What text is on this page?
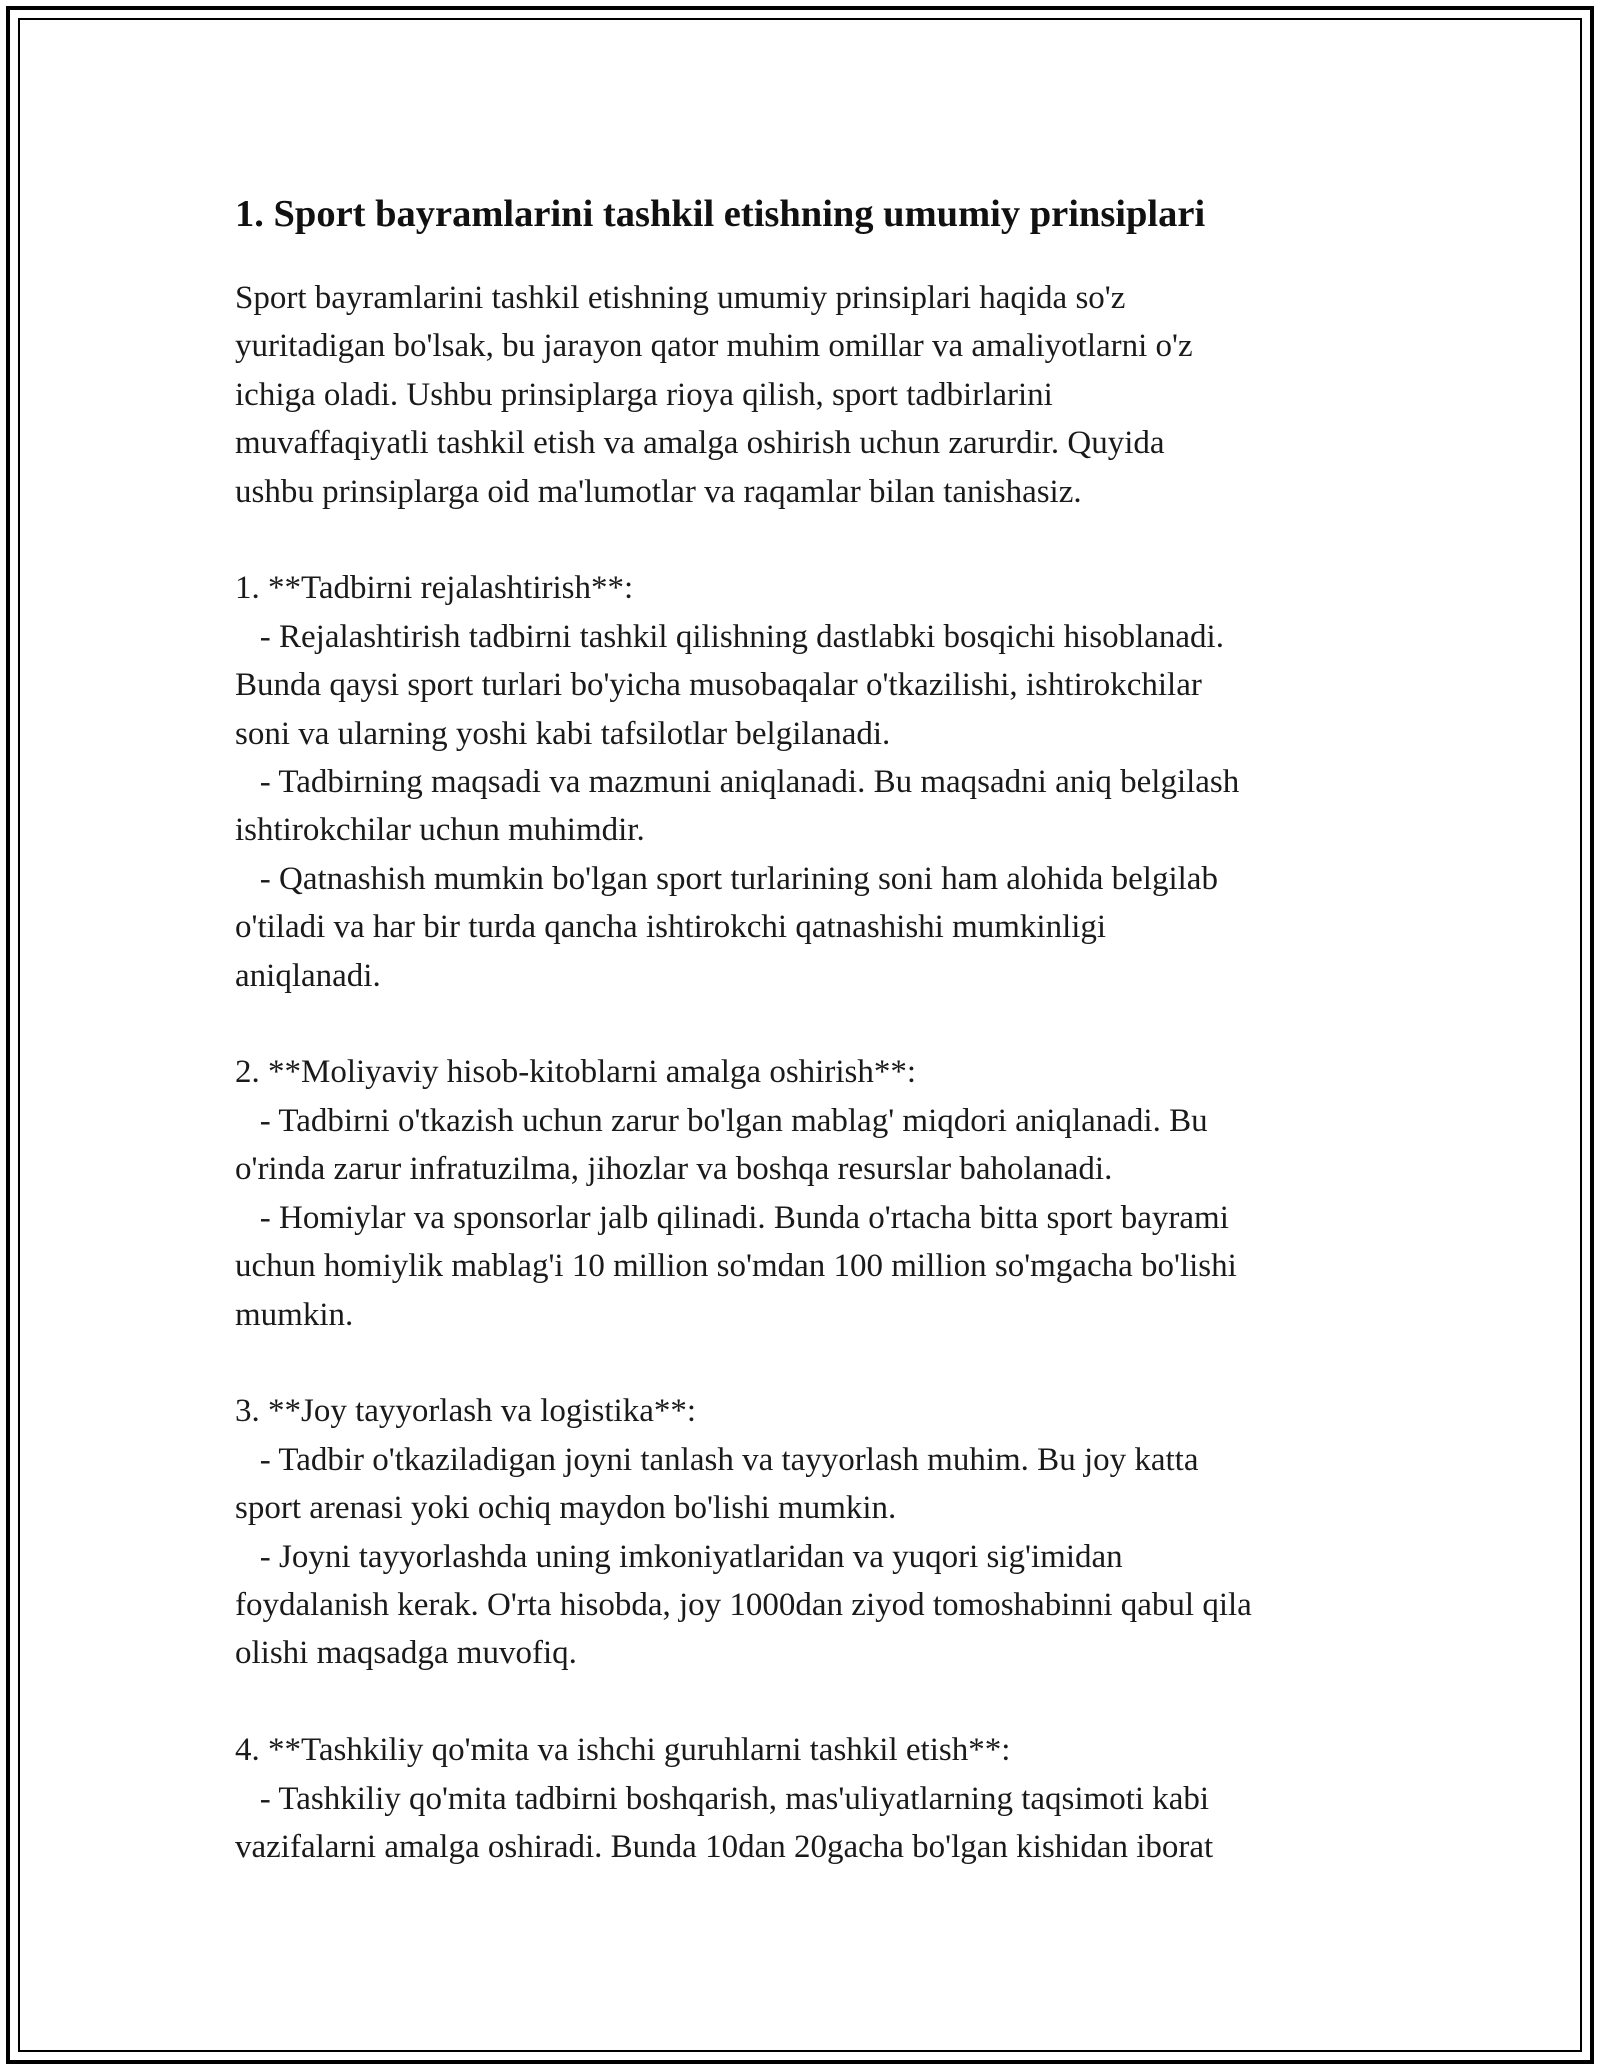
1. Sport bayramlarini tashkil etishning umumiy prinsiplari

Sport bayramlarini tashkil etishning umumiy prinsiplari haqida so'z

yuritadigan bo'lsak, bu jarayon qator muhim omillar va amaliyotlarni o'z

ichiga oladi. Ushbu prinsiplarga rioya qilish, sport tadbirlarini

muvaffaqiyatli tashkil etish va amalga oshirish uchun zarurdir. Quyida

ushbu prinsiplarga oid ma'lumotlar va raqamlar bilan tanishasiz.

1. **Tadbirni rejalashtirish**:

- Rejalashtirish tadbirni tashkil qilishning dastlabki bosqichi hisoblanadi.

Bunda qaysi sport turlari bo'yicha musobaqalar o'tkazilishi, ishtirokchilar

soni va ularning yoshi kabi tafsilotlar belgilanadi.

- Tadbirning maqsadi va mazmuni aniqlanadi. Bu maqsadni aniq belgilash

ishtirokchilar uchun muhimdir.

- Qatnashish mumkin bo'lgan sport turlarining soni ham alohida belgilab

o'tiladi va har bir turda qancha ishtirokchi qatnashishi mumkinligi

aniqlanadi.

2. **Moliyaviy hisob-kitoblarni amalga oshirish**:

- Tadbirni o'tkazish uchun zarur bo'lgan mablag' miqdori aniqlanadi. Bu

o'rinda zarur infratuzilma, jihozlar va boshqa resurslar baholanadi.

- Homiylar va sponsorlar jalb qilinadi. Bunda o'rtacha bitta sport bayrami

uchun homiylik mablag'i 10 million so'mdan 100 million so'mgacha bo'lishi

mumkin.

3. **Joy tayyorlash va logistika**:

- Tadbir o'tkaziladigan joyni tanlash va tayyorlash muhim. Bu joy katta

sport arenasi yoki ochiq maydon bo'lishi mumkin.

- Joyni tayyorlashda uning imkoniyatlaridan va yuqori sig'imidan

foydalanish kerak. O'rta hisobda, joy 1000dan ziyod tomoshabinni qabul qila

olishi maqsadga muvofiq.

4. **Tashkiliy qo'mita va ishchi guruhlarni tashkil etish**:

- Tashkiliy qo'mita tadbirni boshqarish, mas'uliyatlarning taqsimoti kabi

vazifalarni amalga oshiradi. Bunda 10dan 20gacha bo'lgan kishidan iborat
